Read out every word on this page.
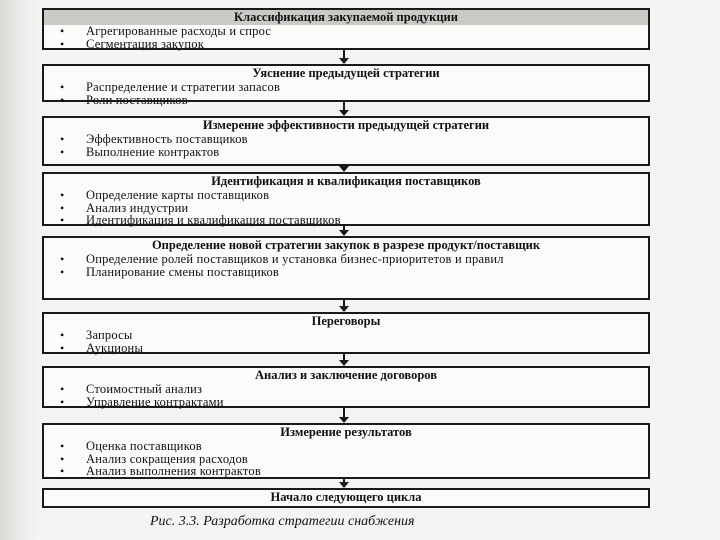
Классификация закупаемой продукции
• Агрегированные расходы и спрос
• Сегментация закупок
Уяснение предыдущей стратегии
• Распределение и стратегии запасов
• Роли поставщиков
Измерение эффективности предыдущей стратегии
• Эффективность поставщиков
• Выполнение контрактов
Идентификация и квалификация поставщиков
• Определение карты поставщиков
• Анализ индустрии
• Идентификация и квалификация поставщиков
Определение новой стратегии закупок в разрезе продукт/поставщик
• Определение ролей поставщиков и установка бизнес-приоритетов и правил
• Планирование смены поставщиков
Переговоры
• Запросы
• Аукционы
Анализ и заключение договоров
• Стоимостный анализ
• Управление контрактами
Измерение результатов
• Оценка поставщиков
• Анализ сокращения расходов
• Анализ выполнения контрактов
Начало следующего цикла
Рис. 3.3. Разработка стратегии снабжения
